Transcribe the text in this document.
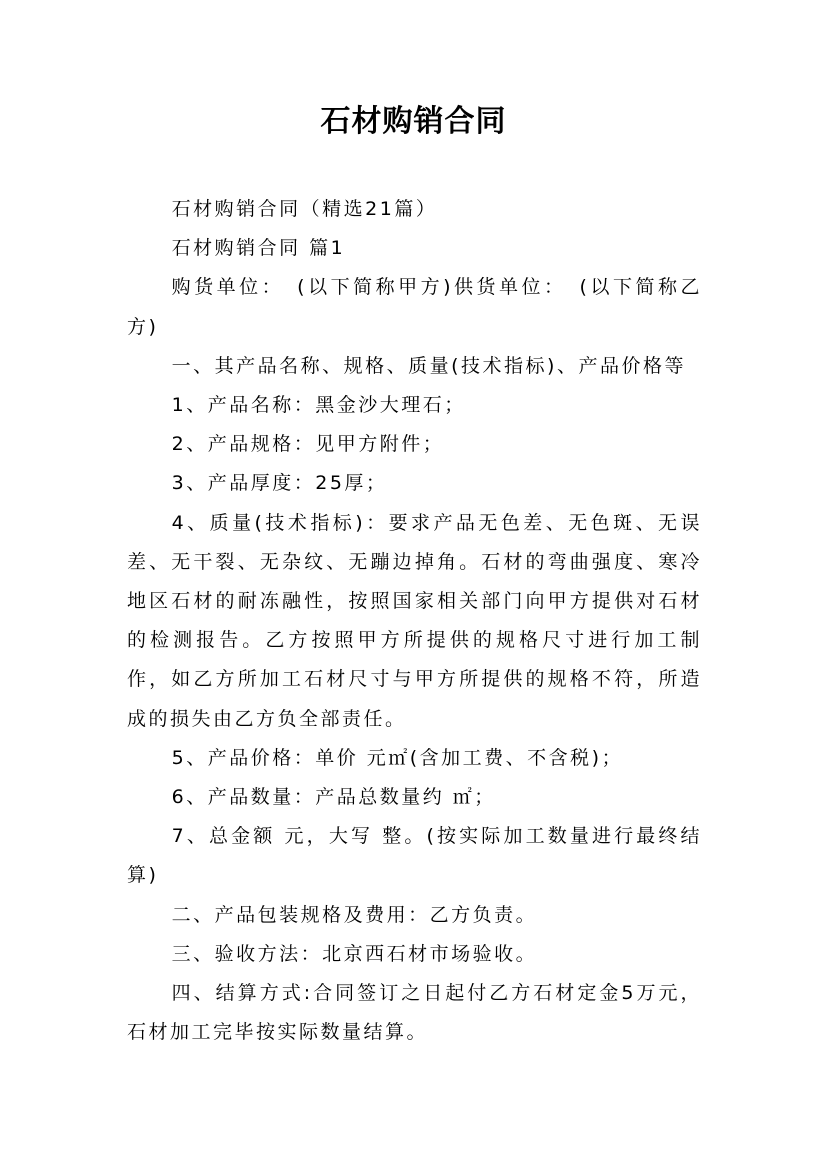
石材购销合同

石材购销合同（精选21篇）

石材购销合同 篇1

购货单位：　(以下简称甲方)供货单位：　(以下简称乙方)

一、其产品名称、规格、质量(技术指标)、产品价格等

1、产品名称：黑金沙大理石；

2、产品规格：见甲方附件；

3、产品厚度：25厚；

4、质量(技术指标)：要求产品无色差、无色斑、无误差、无干裂、无杂纹、无蹦边掉角。石材的弯曲强度、寒冷地区石材的耐冻融性，按照国家相关部门向甲方提供对石材的检测报告。乙方按照甲方所提供的规格尺寸进行加工制作，如乙方所加工石材尺寸与甲方所提供的规格不符，所造成的损失由乙方负全部责任。

5、产品价格：单价 元㎡(含加工费、不含税)；

6、产品数量：产品总数量约 ㎡；

7、总金额 元，大写 整。(按实际加工数量进行最终结算)

二、产品包装规格及费用：乙方负责。

三、验收方法：北京西石材市场验收。

四、结算方式:合同签订之日起付乙方石材定金5万元，石材加工完毕按实际数量结算。
